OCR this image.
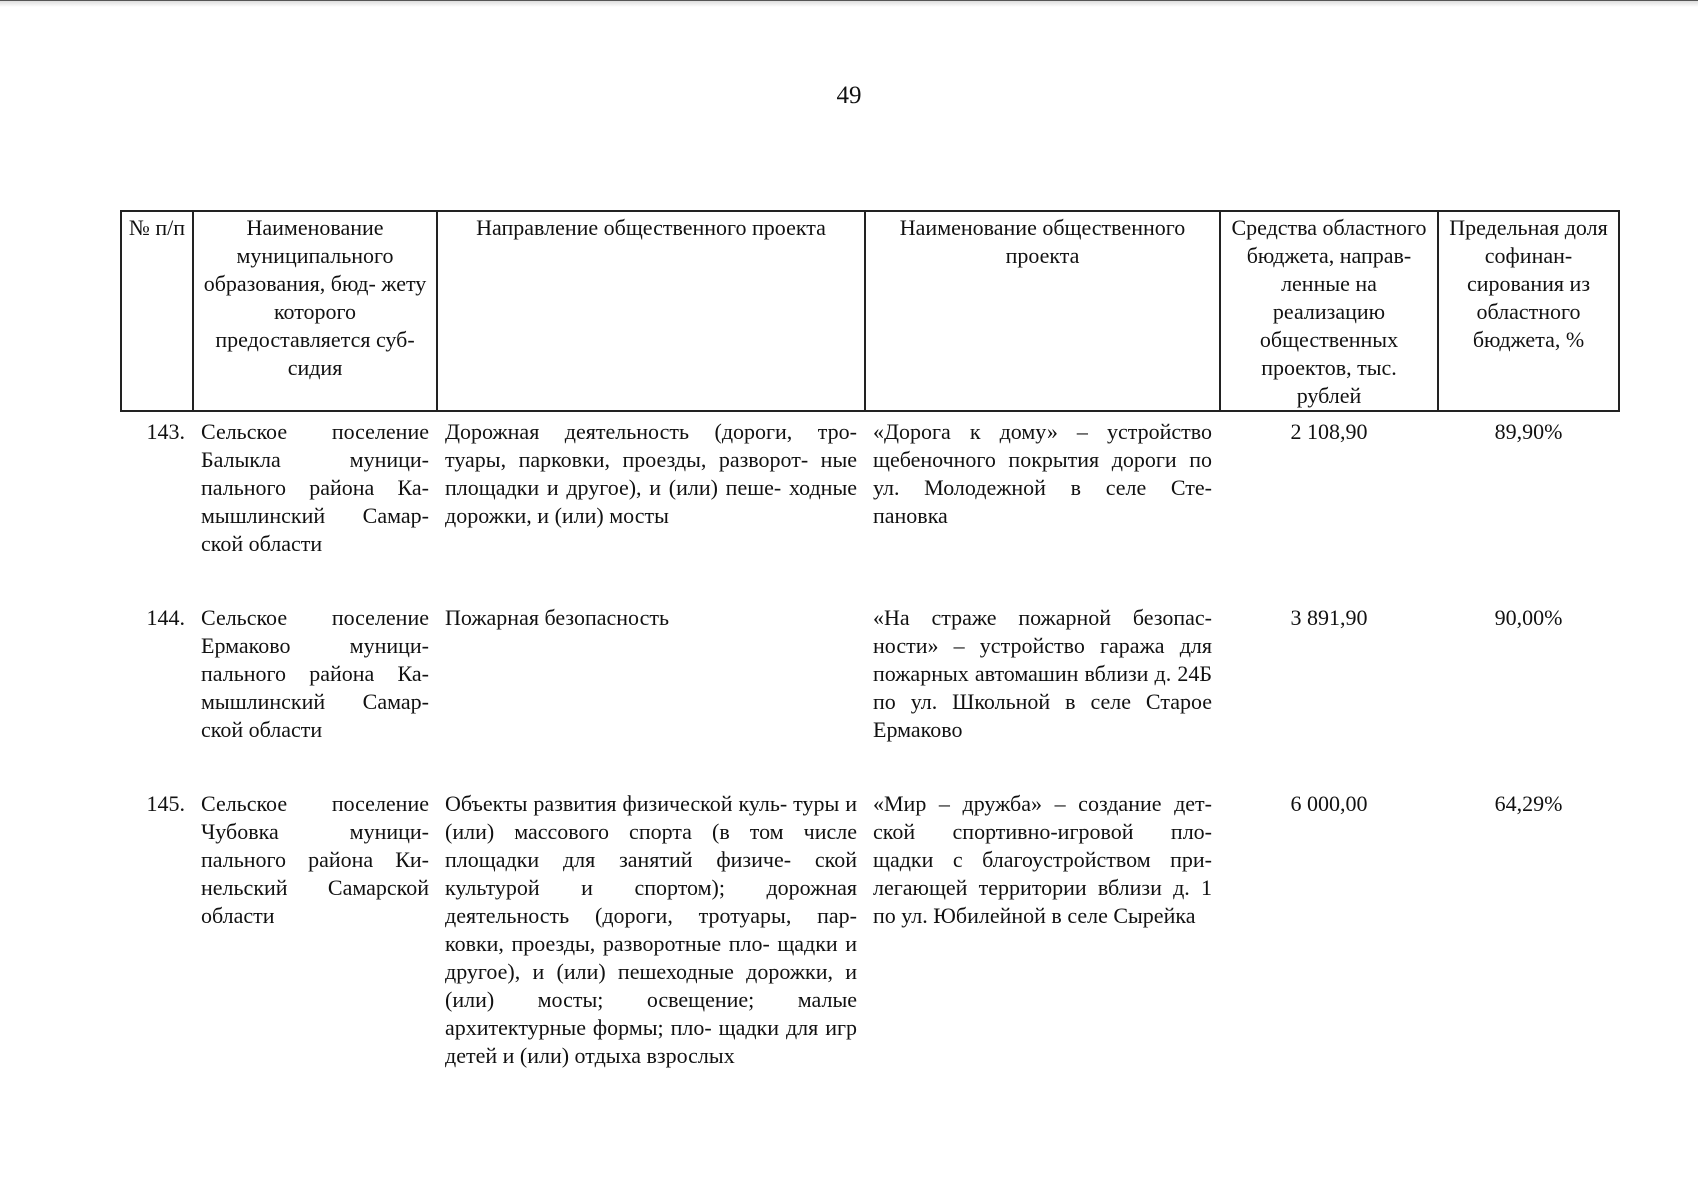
49
№ п/п	Наименование муниципального образования, бюд- жету которого предоставляется суб- сидия	Направление общественного проекта	Наименование общественного проекта	Средства областного бюджета, направ- ленные на реализацию общественных проектов, тыс. рублей	Предельная доля софинан- сирования из областного бюджета, %
143.	Сельское поселение Балыкла муници- пального района Ка- мышлинский Самар- ской области	Дорожная деятельность (дороги, тро- туары, парковки, проезды, разворот- ные площадки и другое), и (или) пеше- ходные дорожки, и (или) мосты	«Дорога к дому» – устройство щебеночного покрытия дороги по ул. Молодежной в селе Сте- пановка	2 108,90	89,90%
144.	Сельское поселение Ермаково муници- пального района Ка- мышлинский Самар- ской области	Пожарная безопасность	«На страже пожарной безопас- ности» – устройство гаража для пожарных автомашин вблизи д. 24Б по ул. Школьной в селе Старое Ермаково	3 891,90	90,00%
145.	Сельское поселение Чубовка муници- пального района Ки- нельский Самарской области	Объекты развития физической куль- туры и (или) массового спорта (в том числе площадки для занятий физиче- ской культурой и спортом); дорожная деятельность (дороги, тротуары, пар- ковки, проезды, разворотные пло- щадки и другое), и (или) пешеходные дорожки, и (или) мосты; освещение; малые архитектурные формы; пло- щадки для игр детей и (или) отдыха взрослых	«Мир – дружба» – создание дет- ской спортивно-игровой пло- щадки с благоустройством при- легающей территории вблизи д. 1 по ул. Юбилейной в селе Сырейка	6 000,00	64,29%
